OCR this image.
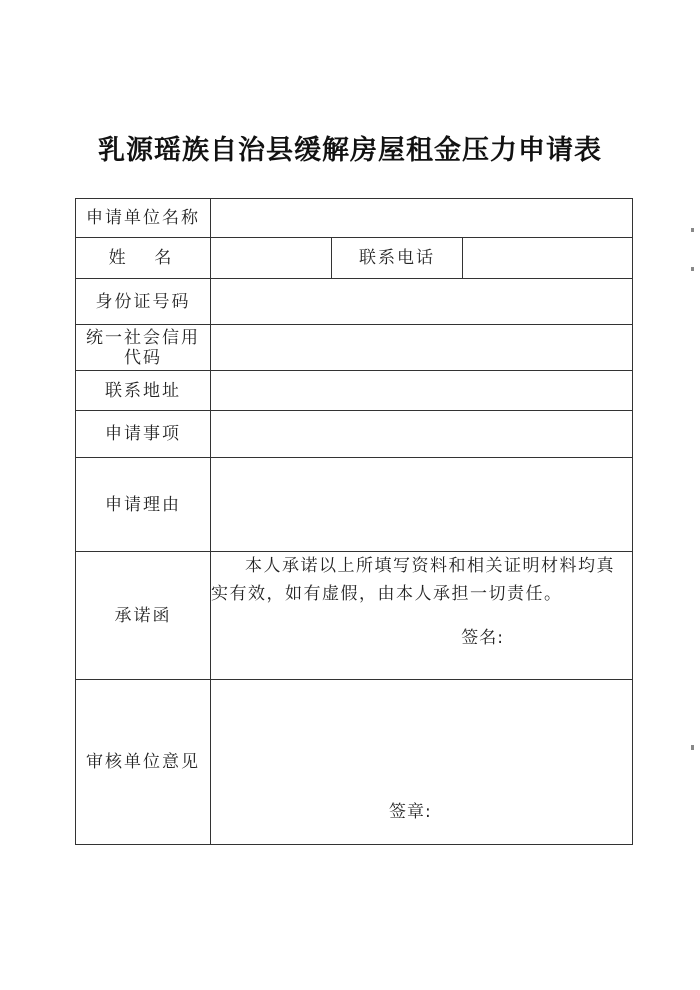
乳源瑶族自治县缓解房屋租金压力申请表
申请单位名称			
姓  名		联系电话	
身份证号码			
统一社会信用代码			
联系地址			
申请事项			
申请理由			
承诺函	本人承诺以上所填写资料和相关证明材料均真实有效，如有虚假，由本人承担一切责任。
签名:		

审核单位意见	签章:		
